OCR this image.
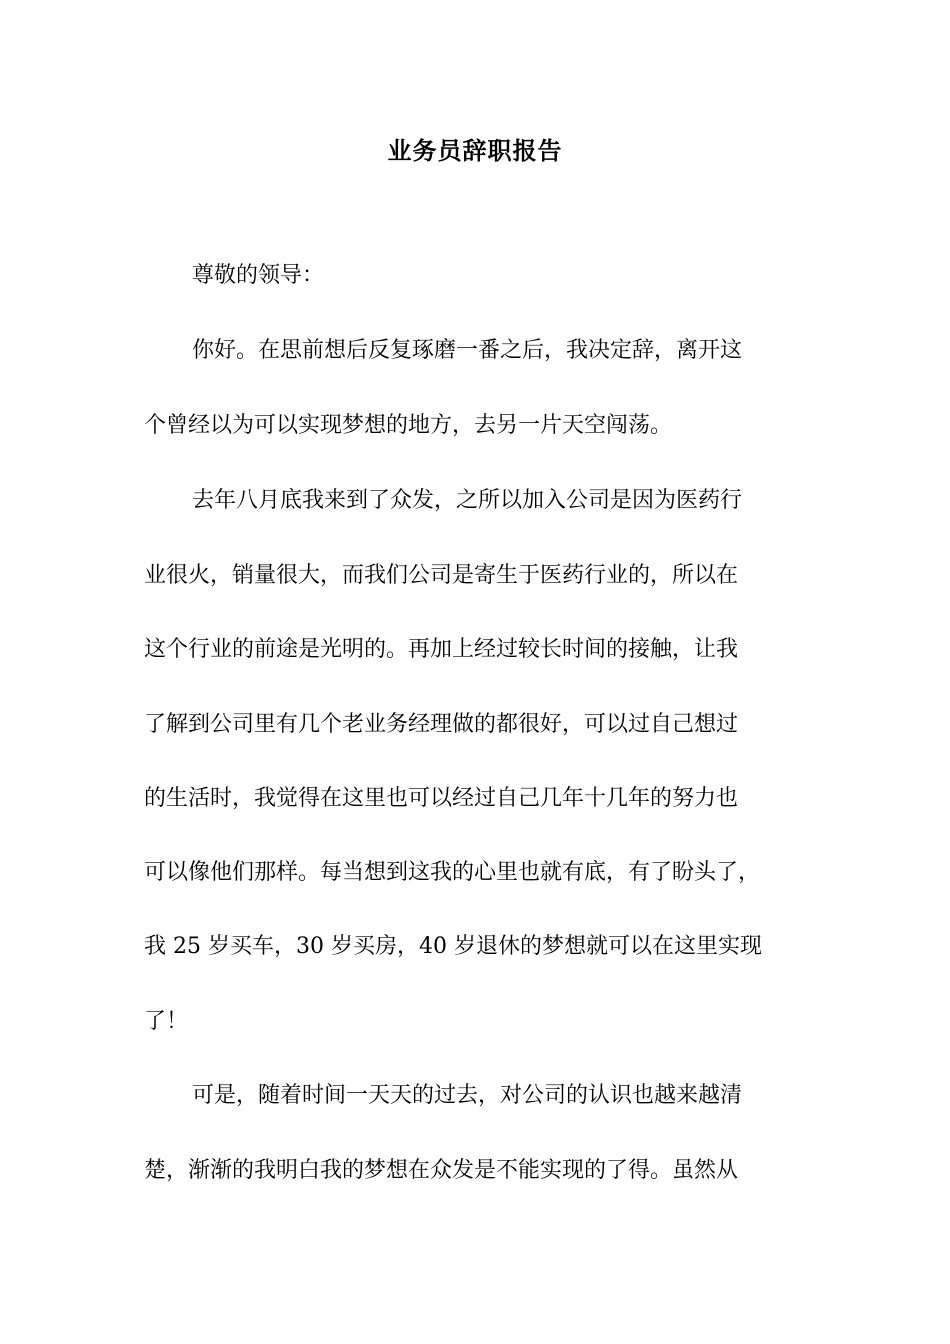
业务员辞职报告
尊敬的领导：
你好。在思前想后反复琢磨一番之后，我决定辞，离开这
个曾经以为可以实现梦想的地方，去另一片天空闯荡。
去年八月底我来到了众发，之所以加入公司是因为医药行
业很火，销量很大，而我们公司是寄生于医药行业的，所以在
这个行业的前途是光明的。再加上经过较长时间的接触，让我
了解到公司里有几个老业务经理做的都很好，可以过自己想过
的生活时，我觉得在这里也可以经过自己几年十几年的努力也
可以像他们那样。每当想到这我的心里也就有底，有了盼头了，
我 25 岁买车，30 岁买房，40 岁退休的梦想就可以在这里实现
了！
可是，随着时间一天天的过去，对公司的认识也越来越清
楚，渐渐的我明白我的梦想在众发是不能实现的了得。虽然从
